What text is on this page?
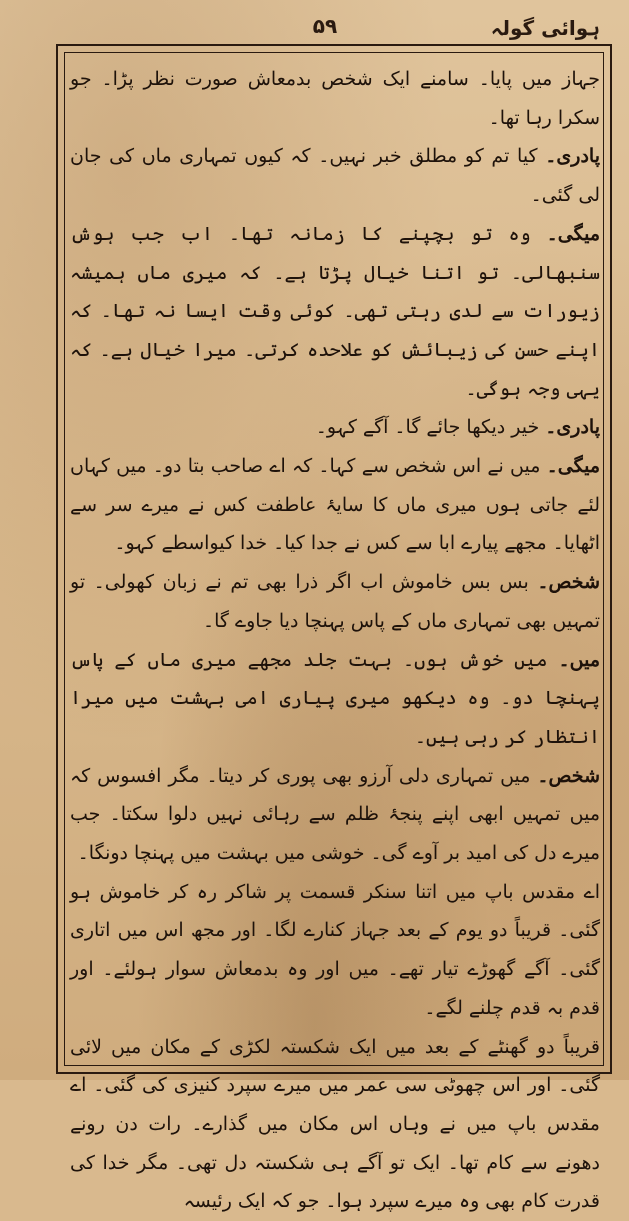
ہوائی گولہ
۵۹

جہاز میں پایا۔ سامنے ایک شخص بدمعاش صورت نظر پڑا۔ جو سکرا رہا تھا۔

پادری۔ کیا تم کو مطلق خبر نہیں۔ کہ کیوں تمہاری ماں کی جان لی گئی۔

میگی۔ وہ تو بچپنے کا زمانہ تھا۔ اب جب ہوش سنبھالی۔ تو اتنا خیال پڑتا ہے۔ کہ میری ماں ہمیشہ زیورات سے لدی رہتی تھی۔ کوئی وقت ایسا نہ تھا۔ کہ اپنے حسن کی زیبائش کو علاحدہ کرتی۔ میرا خیال ہے۔ کہ یہی وجہ ہوگی۔

پادری۔ خیر دیکھا جائے گا۔ آگے کہو۔

میگی۔ میں نے اس شخص سے کہا۔ کہ اے صاحب بتا دو۔ میں کہاں لئے جاتی ہوں میری ماں کا سایۂ عاطفت کس نے میرے سر سے اٹھایا۔ مجھے پیارے ابا سے کس نے جدا کیا۔ خدا کیواسطے کہو۔

شخص۔ بس بس خاموش اب اگر ذرا بھی تم نے زبان کھولی۔ تو تمہیں بھی تمہاری ماں کے پاس پہنچا دیا جاوے گا۔

میں۔ میں خوش ہوں۔ بہت جلد مجھے میری ماں کے پاس پہنچا دو۔ وہ دیکھو میری پیاری امی بہشت میں میرا انتظار کر رہی ہیں۔

شخص۔ میں تمہاری دلی آرزو بھی پوری کر دیتا۔ مگر افسوس کہ میں تمہیں ابھی اپنے پنجۂ ظلم سے رہائی نہیں دلوا سکتا۔ جب میرے دل کی امید بر آوے گی۔ خوشی میں بہشت میں پہنچا دونگا۔

اے مقدس باپ میں اتنا سنکر قسمت پر شاکر رہ کر خاموش ہو گئی۔ قریباً دو یوم کے بعد جہاز کنارے لگا۔ اور مجھ اس میں اتاری گئی۔ آگے گھوڑے تیار تھے۔ میں اور وہ بدمعاش سوار ہولئے۔ اور قدم بہ قدم چلنے لگے۔

قریباً دو گھنٹے کے بعد میں ایک شکستہ لکڑی کے مکان میں لائی گئی۔ اور اس چھوٹی سی عمر میں میرے سپرد کنیزی کی گئی۔ اے مقدس باپ میں نے وہاں اس مکان میں گذارے۔ رات دن رونے دھونے سے کام تھا۔ ایک تو آگے ہی شکستہ دل تھی۔ مگر خدا کی قدرت کام بھی وہ میرے سپرد ہوا۔ جو کہ ایک رئیسہ
